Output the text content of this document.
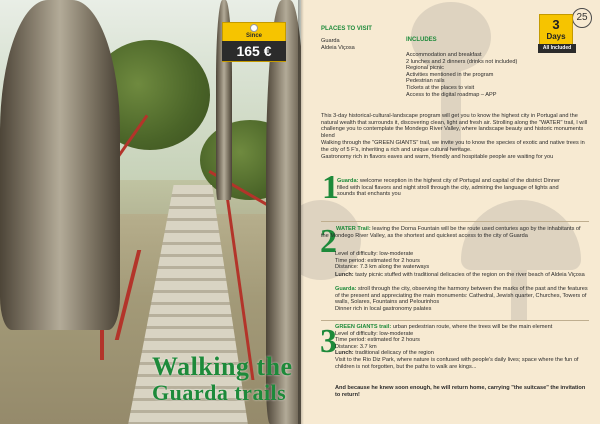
Since
165 €
Walking the
Guarda trails
25
3
Days
All Included
PLACES TO VISIT
Guarda
Aldeia Viçosa
INCLUDES
Accommodation and breakfast
2 lunches and 2 dinners (drinks not included)
Regional picnic
Activities mentioned in the program
Pedestrian rails
Tickets at the places to visit
Access to the digital roadmap – APP
This 3-day historical-cultural-landscape program will get you to know the highest city in Portugal and the natural wealth that surrounds it, discovering clean, light and fresh air. Strolling along the "WATER" trail, I will challenge you to contemplate the Mondego River Valley, where landscape beauty and historic monuments blend
Walking through the "GREEN GIANTS" trail, we invite you to know the species of exotic and native trees in the city of 5 F's, inheriting a rich and unique cultural heritage.
Gastronomy rich in flavors eaves and warm, friendly and hospitable people are waiting for you
1
Guarda: welcome reception in the highest city of Portugal and capital of the district Dinner filled with local flavors and night stroll through the city, admiring the language of lights and sounds that enchants you
2 WATER Trail: leaving the Dorna Fountain will be the route used centuries ago by the inhabitants of the Mondego River Valley, as the shortest and quickest access to the city of Guarda
Level of difficulty: low-moderate
Time period: estimated for 2 hours
Distance: 7.3 km along the waterways
Lunch: tasty picnic stuffed with traditional delicacies of the region on the river beach of Aldeia Viçosa
Guarda: stroll through the city, observing the harmony between the marks of the past and the features of the present and appreciating the main monuments: Cathedral, Jewish quarter, Churches, Towers of walls, Solares, Fountains and Pelourinhos
Dinner rich in local gastronomy palates
3
GREEN GIANTS trail: urban pedestrian route, where the trees will be the main element
Level of difficulty: low-moderate
Time period: estimated for 2 hours
Distance: 3.7 km
Lunch: traditional delicacy of the region
Visit to the Rio Diz Park, where nature is confused with people's daily lives; space where the fun of children is not forgotten, but the paths to walk are kings...
And because he knew soon enough, he will return home, carrying "the suitcase" the invitation to return!
